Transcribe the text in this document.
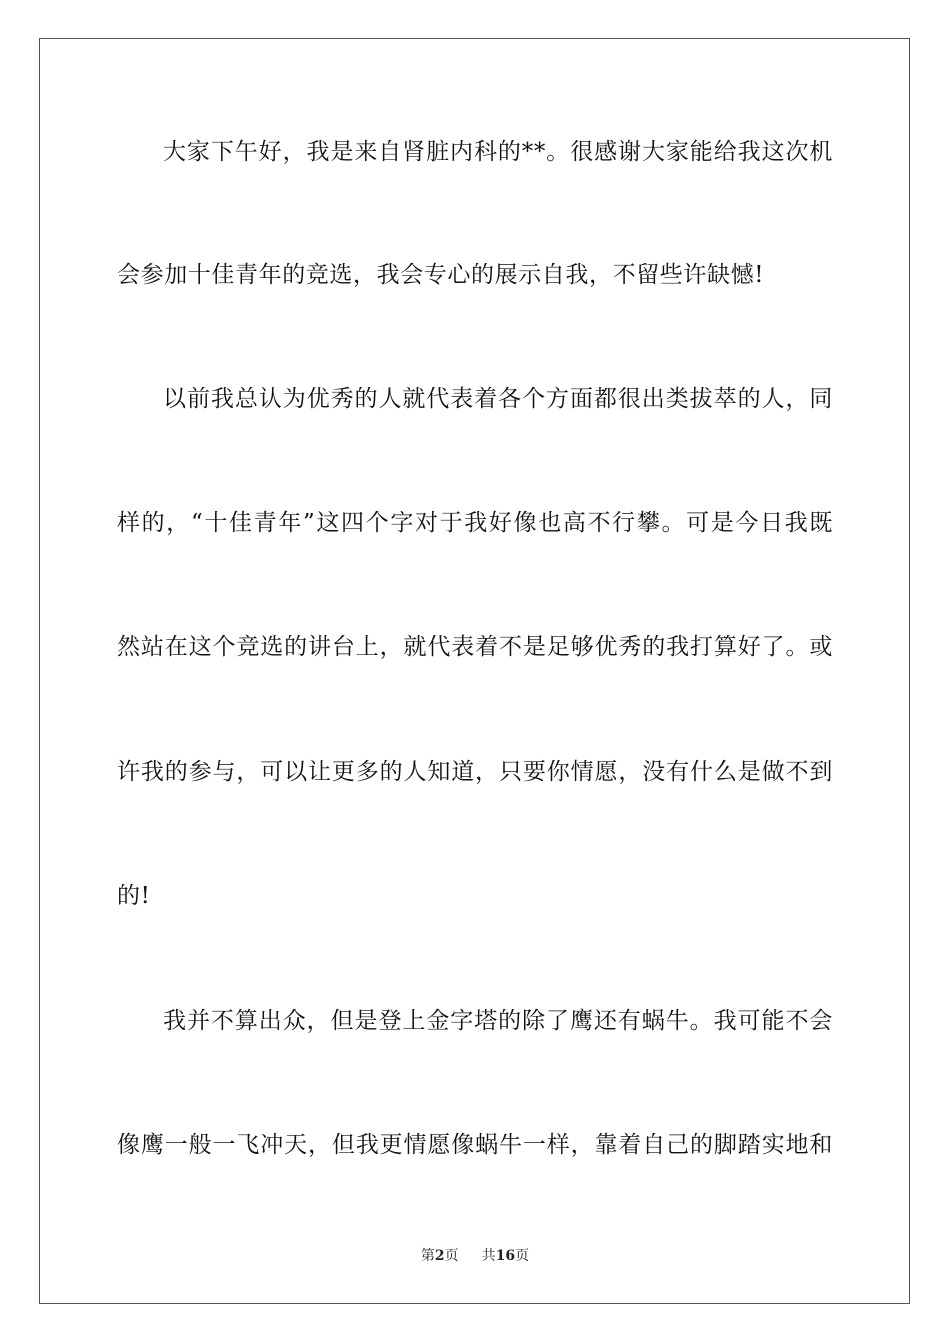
大家下午好，我是来自肾脏内科的**。很感谢大家能给我这次机
会参加十佳青年的竞选，我会专心的展示自我，不留些许缺憾!
以前我总认为优秀的人就代表着各个方面都很出类拔萃的人，同
样的，“十佳青年”这四个字对于我好像也高不行攀。可是今日我既
然站在这个竞选的讲台上，就代表着不是足够优秀的我打算好了。或
许我的参与，可以让更多的人知道，只要你情愿，没有什么是做不到
的!
我并不算出众，但是登上金字塔的除了鹰还有蜗牛。我可能不会
像鹰一般一飞冲天，但我更情愿像蜗牛一样，靠着自己的脚踏实地和
第2页 共16页
